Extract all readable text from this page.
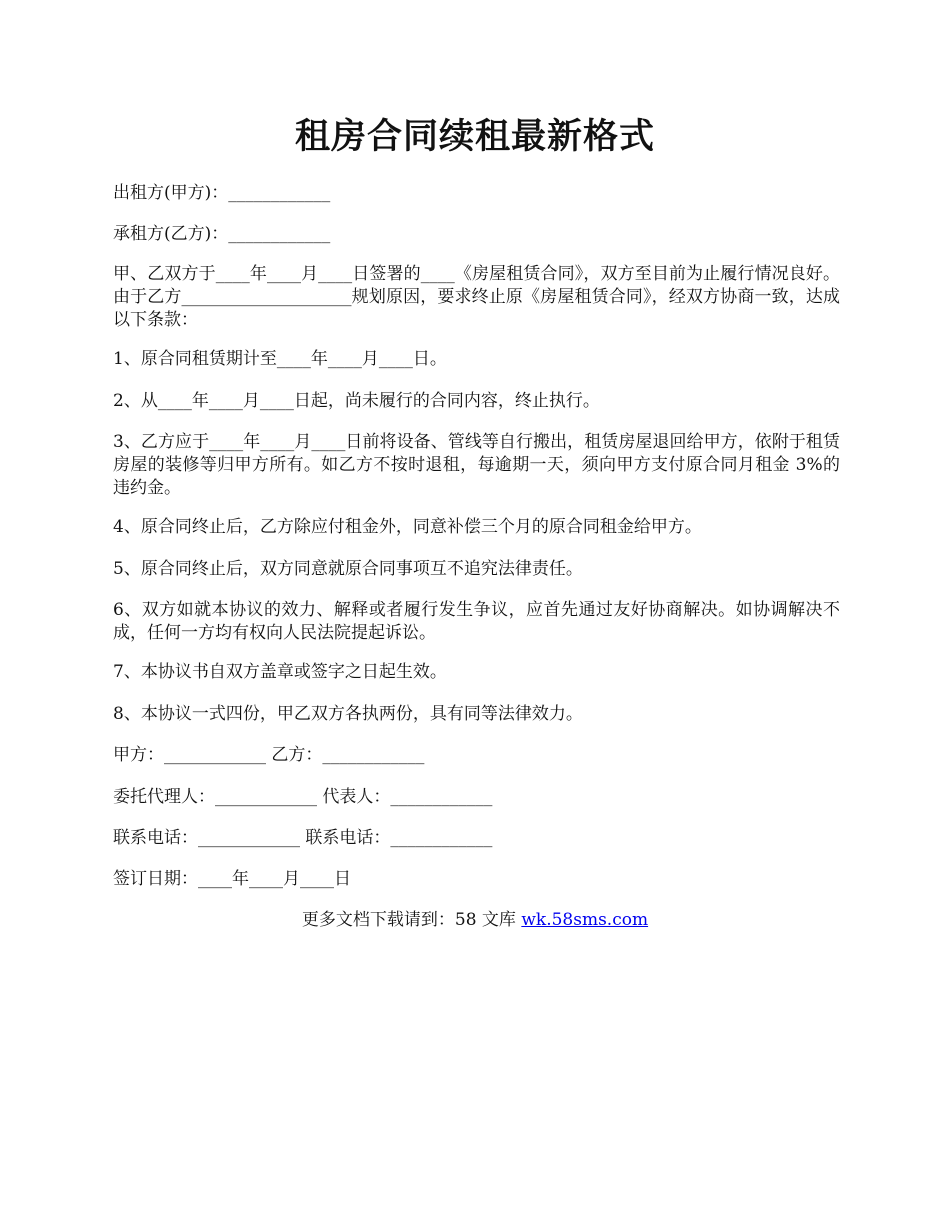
租房合同续租最新格式

出租方(甲方)：____________

承租方(乙方)：____________

甲、乙双方于____年____月____日签署的____《房屋租赁合同》，双方至目前为止履行情况良好。由于乙方____________________规划原因，要求终止原《房屋租赁合同》，经双方协商一致，达成以下条款：

1、原合同租赁期计至____年____月____日。

2、从____年____月____日起，尚未履行的合同内容，终止执行。

3、乙方应于____年____月____日前将设备、管线等自行搬出，租赁房屋退回给甲方，依附于租赁房屋的装修等归甲方所有。如乙方不按时退租，每逾期一天，须向甲方支付原合同月租金 3%的违约金。

4、原合同终止后，乙方除应付租金外，同意补偿三个月的原合同租金给甲方。

5、原合同终止后，双方同意就原合同事项互不追究法律责任。

6、双方如就本协议的效力、解释或者履行发生争议，应首先通过友好协商解决。如协调解决不成，任何一方均有权向人民法院提起诉讼。

7、本协议书自双方盖章或签字之日起生效。

8、本协议一式四份，甲乙双方各执两份，具有同等法律效力。

甲方：____________ 乙方：____________

委托代理人：____________ 代表人：____________

联系电话：____________ 联系电话：____________

签订日期：____年____月____日

更多文档下载请到：58 文库 wk.58sms.com
